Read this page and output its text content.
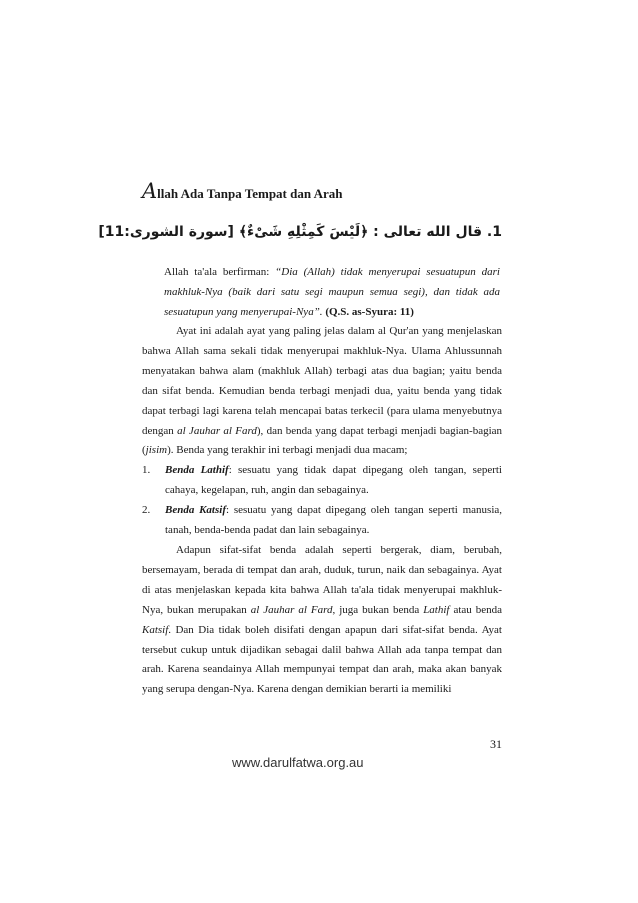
Allah Ada Tanpa Tempat dan Arah
1. قال الله تعالى : ﴿لَيْسَ كَمِثْلِهِ شَىْءٌ﴾ [سورة الشورى:11]

Allah ta'ala berfirman: “Dia (Allah) tidak menyerupai sesuatupun dari makhluk-Nya (baik dari satu segi maupun semua segi), dan tidak ada sesuatupun yang menyerupai-Nya”. (Q.S. as-Syura: 11)

Ayat ini adalah ayat yang paling jelas dalam al Qur'an yang menjelaskan bahwa Allah sama sekali tidak menyerupai makhluk-Nya. Ulama Ahlussunnah menyatakan bahwa alam (makhluk Allah) terbagi atas dua bagian; yaitu benda dan sifat benda. Kemudian benda terbagi menjadi dua, yaitu benda yang tidak dapat terbagi lagi karena telah mencapai batas terkecil (para ulama menyebutnya dengan al Jauhar al Fard), dan benda yang dapat terbagi menjadi bagian-bagian (jisim). Benda yang terakhir ini terbagi menjadi dua macam;

1.	Benda Lathif: sesuatu yang tidak dapat dipegang oleh tangan, seperti cahaya, kegelapan, ruh, angin dan sebagainya.
2.	Benda Katsif: sesuatu yang dapat dipegang oleh tangan seperti manusia, tanah, benda-benda padat dan lain sebagainya.

Adapun sifat-sifat benda adalah seperti bergerak, diam, berubah, bersemayam, berada di tempat dan arah, duduk, turun, naik dan sebagainya. Ayat di atas menjelaskan kepada kita bahwa Allah ta'ala tidak menyerupai makhluk-Nya, bukan merupakan al Jauhar al Fard, juga bukan benda Lathif atau benda Katsif. Dan Dia tidak boleh disifati dengan apapun dari sifat-sifat benda. Ayat tersebut cukup untuk dijadikan sebagai dalil bahwa Allah ada tanpa tempat dan arah. Karena seandainya Allah mempunyai tempat dan arah, maka akan banyak yang serupa dengan-Nya. Karena dengan demikian berarti ia memiliki

31
www.darulfatwa.org.au
